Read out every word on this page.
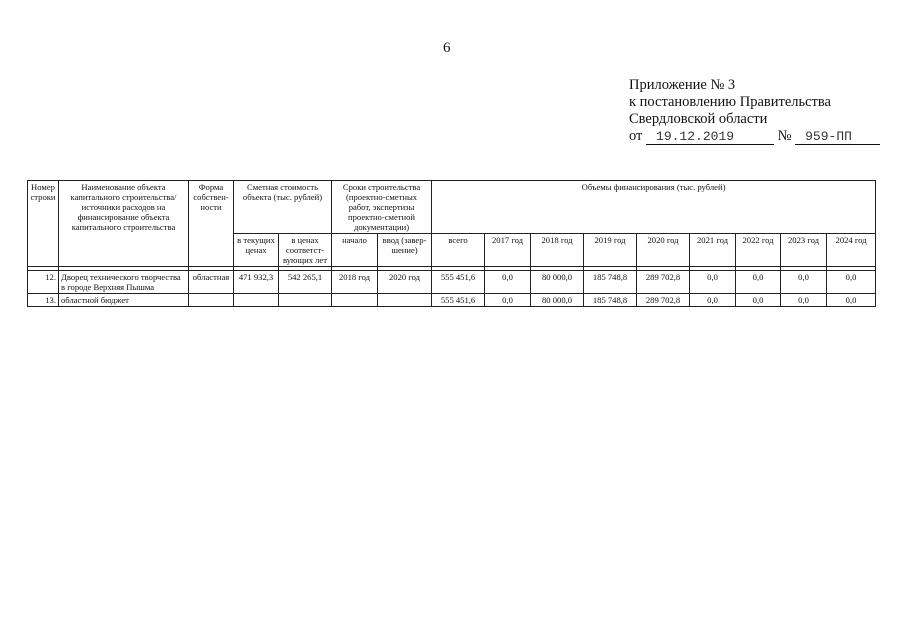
6
Приложение № 3
к постановлению Правительства
Свердловской области
от 19.12.2019	№ 959-ПП
Номер строки	Наименование объекта капитального строительства/ источники расходов на финансирование объекта капитального строительства	Форма собствен-ности	Сметная стоимость объекта (тыс. рублей)		Сроки строительства (проектно-сметных работ, экспертизы проектно-сметной документации)		Объемы финансирования (тыс. рублей)								
			в текущих ценах	в ценах соответст-вующих лет	начало	ввод (завер-шение)	всего	2017 год	2018 год	2019 год	2020 год	2021 год	2022 год	2023 год	2024 год

12.	Дворец технического творчества в городе Верхняя Пышма	областная	471 932,3	542 265,1	2018 год	2020 год	555 451,6	0,0	80 000,0	185 748,8	289 702,8	0,0	0,0	0,0	0,0
13.	областной бюджет						555 451,6	0,0	80 000,0	185 748,8	289 702,8	0,0	0,0	0,0	0,0
